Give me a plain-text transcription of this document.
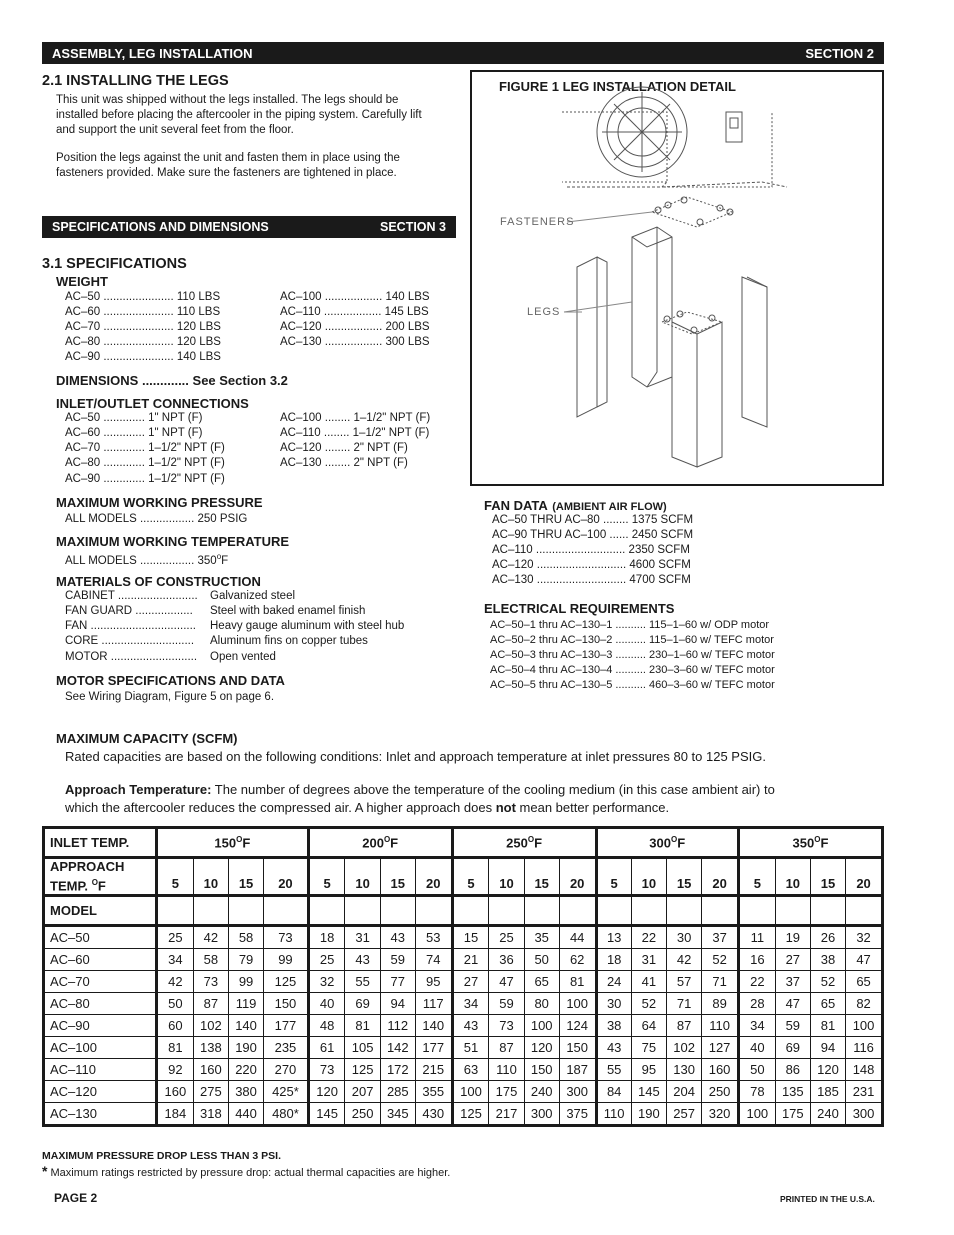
ASSEMBLY, LEG INSTALLATION	SECTION 2
2.1 INSTALLING THE LEGS
This unit was shipped without the legs installed. The legs should be
installed before placing the aftercooler in the piping system. Carefully lift
and support the unit several feet from the floor.
Position the legs against the unit and fasten them in place using the
fasteners provided. Make sure the fasteners are tightened in place.
SPECIFICATIONS AND DIMENSIONS	SECTION 3
3.1 SPECIFICATIONS
WEIGHT
AC–50 ...................... 110 LBS
AC–60 ...................... 110 LBS
AC–70 ...................... 120 LBS
AC–80 ...................... 120 LBS
AC–90 ...................... 140 LBS
AC–100 .................. 140 LBS
AC–110 .................. 145 LBS
AC–120 .................. 200 LBS
AC–130 .................. 300 LBS
DIMENSIONS ............. See Section 3.2
INLET/OUTLET CONNECTIONS
AC–50 ............. 1" NPT (F)
AC–60 ............. 1" NPT (F)
AC–70 ............. 1–1/2" NPT (F)
AC–80 ............. 1–1/2" NPT (F)
AC–90 ............. 1–1/2" NPT (F)
AC–100 ........ 1–1/2" NPT (F)
AC–110 ........ 1–1/2" NPT (F)
AC–120 ........ 2" NPT (F)
AC–130 ........ 2" NPT (F)
MAXIMUM WORKING PRESSURE
ALL MODELS ................. 250 PSIG
MAXIMUM WORKING TEMPERATURE
ALL MODELS ................. 350$^o$F
MATERIALS OF CONSTRUCTION
CABINET ......................... Galvanized steel
FAN GUARD .................. Steel with baked enamel finish
FAN ................................. Heavy gauge aluminum with steel hub
CORE ............................. Aluminum fins on copper tubes
MOTOR ........................... Open vented
MOTOR SPECIFICATIONS AND DATA
See Wiring Diagram, Figure 5 on page 6.
FIGURE 1 LEG INSTALLATION DETAIL
FASTENERS
LEGS
FAN DATA (AMBIENT AIR FLOW)
AC–50 THRU AC–80 ........ 1375 SCFM
AC–90 THRU AC–100 ...... 2450 SCFM
AC–110 ............................ 2350 SCFM
AC–120 ............................ 4600 SCFM
AC–130 ............................ 4700 SCFM
ELECTRICAL REQUIREMENTS
AC–50–1 thru AC–130–1 .......... 115–1–60 w/ ODP motor
AC–50–2 thru AC–130–2 .......... 115–1–60 w/ TEFC motor
AC–50–3 thru AC–130–3 .......... 230–1–60 w/ TEFC motor
AC–50–4 thru AC–130–4 .......... 230–3–60 w/ TEFC motor
AC–50–5 thru AC–130–5 .......... 460–3–60 w/ TEFC motor
MAXIMUM CAPACITY (SCFM)
Rated capacities are based on the following conditions: Inlet and approach temperature at inlet pressures 80 to 125 PSIG.
Approach Temperature: The number of degrees above the temperature of the cooling medium (in this case ambient air) to
which the aftercooler reduces the compressed air. A higher approach does not mean better performance.
INLET TEMP.	$150^OF$				$200^OF$				$250^OF$				$300^OF$				$350^OF$			

APPROACH
TEMP. $^O$F	5	10	15	20	5	10	15	20	5	10	15	20	5	10	15	20	5	10	15	20
MODEL																				
AC–50	25	42	58	73	18	31	43	53	15	25	35	44	13	22	30	37	11	19	26	32
AC–60	34	58	79	99	25	43	59	74	21	36	50	62	18	31	42	52	16	27	38	47
AC–70	42	73	99	125	32	55	77	95	27	47	65	81	24	41	57	71	22	37	52	65
AC–80	50	87	119	150	40	69	94	117	34	59	80	100	30	52	71	89	28	47	65	82
AC–90	60	102	140	177	48	81	112	140	43	73	100	124	38	64	87	110	34	59	81	100
AC–100	81	138	190	235	61	105	142	177	51	87	120	150	43	75	102	127	40	69	94	116
AC–110	92	160	220	270	73	125	172	215	63	110	150	187	55	95	130	160	50	86	120	148
AC–120	160	275	380	425*	120	207	285	355	100	175	240	300	84	145	204	250	78	135	185	231
AC–130	184	318	440	480*	145	250	345	430	125	217	300	375	110	190	257	320	100	175	240	300
MAXIMUM PRESSURE DROP LESS THAN 3 PSI.
* Maximum ratings restricted by pressure drop: actual thermal capacities are higher.
PAGE 2	PRINTED IN THE U.S.A.
